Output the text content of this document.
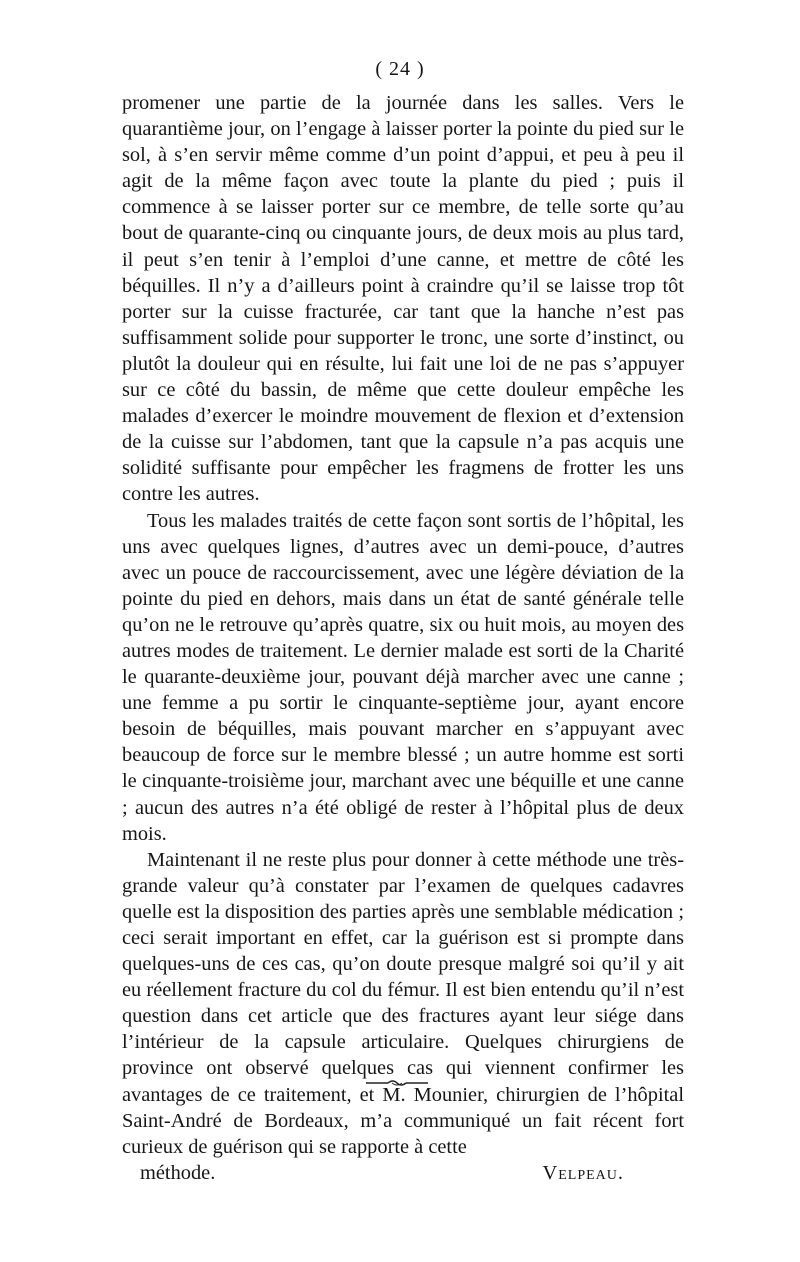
( 24 )

promener une partie de la journée dans les salles. Vers le quarantième jour, on l’engage à laisser porter la pointe du pied sur le sol, à s’en servir même comme d’un point d’appui, et peu à peu il agit de la même façon avec toute la plante du pied ; puis il commence à se laisser porter sur ce membre, de telle sorte qu’au bout de quarante-cinq ou cinquante jours, de deux mois au plus tard, il peut s’en tenir à l’emploi d’une canne, et mettre de côté les béquilles. Il n’y a d’ailleurs point à craindre qu’il se laisse trop tôt porter sur la cuisse fracturée, car tant que la hanche n’est pas suffisamment solide pour supporter le tronc, une sorte d’instinct, ou plutôt la douleur qui en résulte, lui fait une loi de ne pas s’appuyer sur ce côté du bassin, de même que cette douleur empêche les malades d’exercer le moindre mouvement de flexion et d’extension de la cuisse sur l’abdomen, tant que la capsule n’a pas acquis une solidité suffisante pour empêcher les fragmens de frotter les uns contre les autres.

Tous les malades traités de cette façon sont sortis de l’hôpital, les uns avec quelques lignes, d’autres avec un demi-pouce, d’autres avec un pouce de raccourcissement, avec une légère déviation de la pointe du pied en dehors, mais dans un état de santé générale telle qu’on ne le retrouve qu’après quatre, six ou huit mois, au moyen des autres modes de traitement. Le dernier malade est sorti de la Charité le quarante-deuxième jour, pouvant déjà marcher avec une canne ; une femme a pu sortir le cinquante-septième jour, ayant encore besoin de béquilles, mais pouvant marcher en s’appuyant avec beaucoup de force sur le membre blessé ; un autre homme est sorti le cinquante-troisième jour, marchant avec une béquille et une canne ; aucun des autres n’a été obligé de rester à l’hôpital plus de deux mois.

Maintenant il ne reste plus pour donner à cette méthode une très-grande valeur qu’à constater par l’examen de quelques cadavres quelle est la disposition des parties après une semblable médication ; ceci serait important en effet, car la guérison est si prompte dans quelques-uns de ces cas, qu’on doute presque malgré soi qu’il y ait eu réellement fracture du col du fémur. Il est bien entendu qu’il n’est question dans cet article que des fractures ayant leur siége dans l’intérieur de la capsule articulaire. Quelques chirurgiens de province ont observé quelques cas qui viennent confirmer les avantages de ce traitement, et M. Mounier, chirurgien de l’hôpital Saint-André de Bordeaux, m’a communiqué un fait récent fort curieux de guérison qui se rapporte à cette

méthode.	Velpeau.
